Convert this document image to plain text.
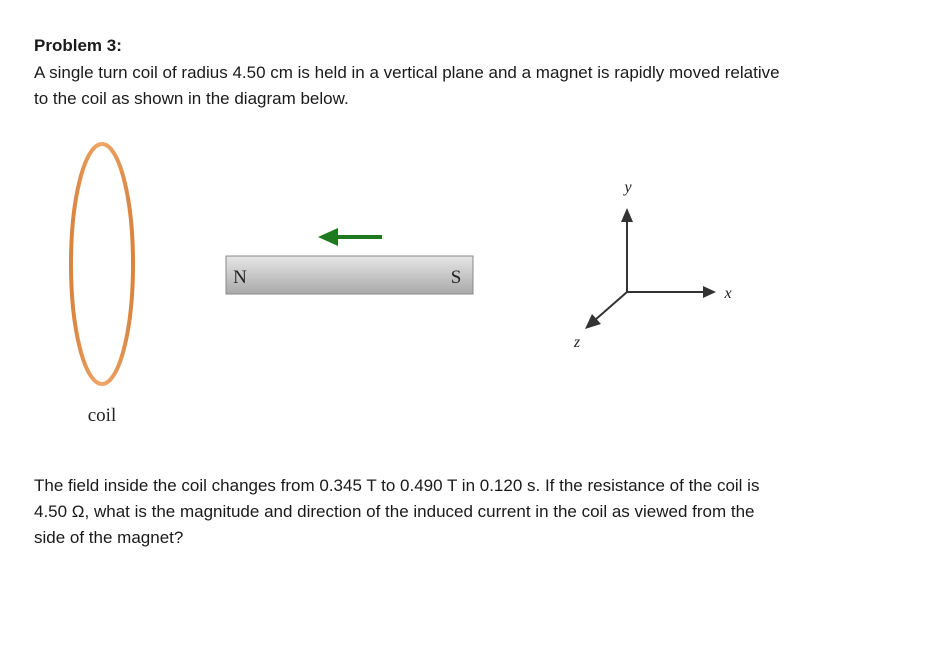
Problem 3:

A single turn coil of radius 4.50 cm is held in a vertical plane and a magnet is rapidly moved relative
to the coil as shown in the diagram below.

coil
N	S
y
x
z

The field inside the coil changes from 0.345 T to 0.490 T in 0.120 s. If the resistance of the coil is
4.50 Ω, what is the magnitude and direction of the induced current in the coil as viewed from the
side of the magnet?
